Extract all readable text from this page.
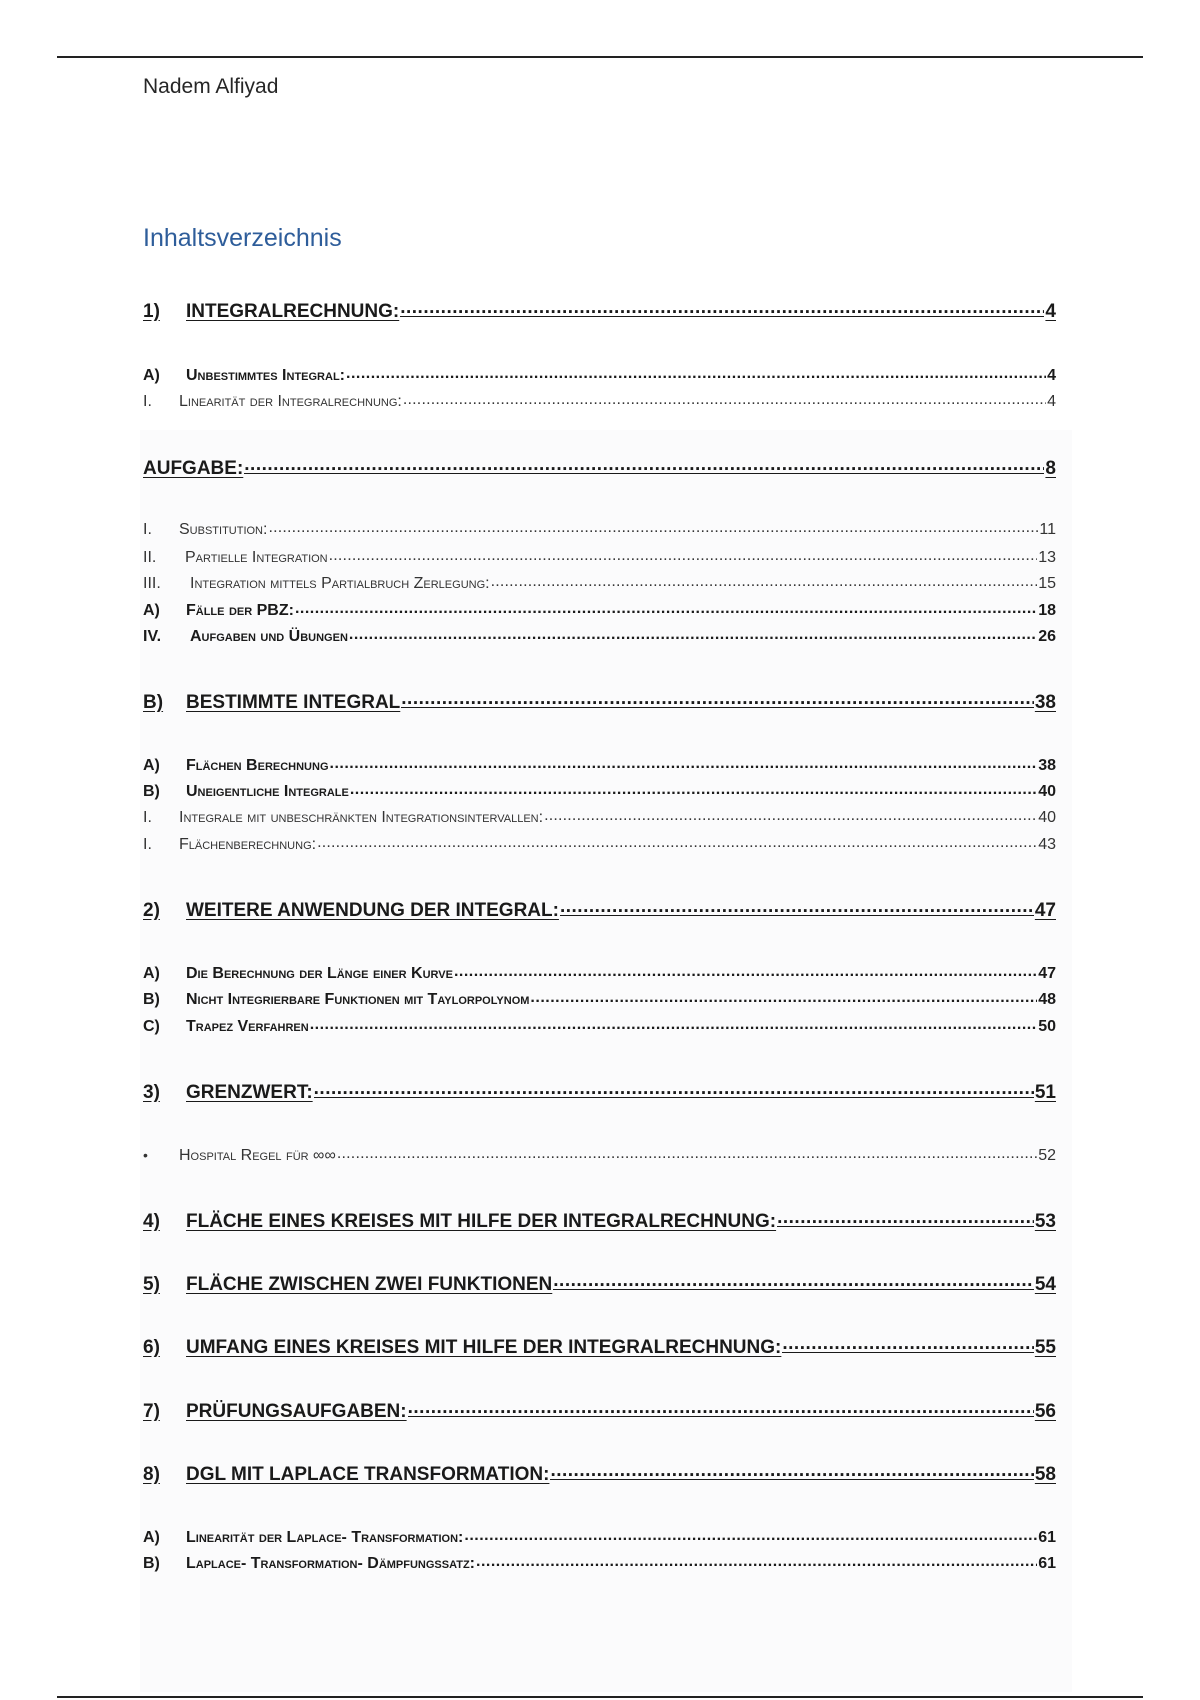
Nadem Alfiyad
Inhaltsverzeichnis
1)	INTEGRALRECHNUNG: .....	4
A)	Unbestimmtes Integral: .....	4
I.	Linearität der Integralrechnung: .....	4
AUFGABE: .....	8
I.	Substitution: .....	11
II.	Partielle Integration .....	13
III.	Integration mittels Partialbruch Zerlegung: .....	15
A)	Fälle der PBZ: .....	18
IV.	Aufgaben und Übungen .....	26
B)	BESTIMMTE INTEGRAL .....	38
A)	Flächen Berechnung .....	38
B)	Uneigentliche Integrale .....	40
I.	Integrale mit unbeschränkten Integrationsintervallen: .....	40
I.	Flächenberechnung: .....	43
2)	WEITERE ANWENDUNG DER INTEGRAL: .....	47
A)	Die Berechnung der Länge einer Kurve .....	47
B)	Nicht Integrierbare Funktionen mit Taylorpolynom .....	48
C)	Trapez Verfahren .....	50
3)	GRENZWERT: .....	51
•	Hospital Regel für ∞∞ .....	52
4)	FLÄCHE EINES KREISES MIT HILFE DER INTEGRALRECHNUNG: .....	53
5)	FLÄCHE ZWISCHEN ZWEI FUNKTIONEN .....	54
6)	UMFANG EINES KREISES MIT HILFE DER INTEGRALRECHNUNG: .....	55
7)	PRÜFUNGSAUFGABEN: .....	56
8)	DGL MIT LAPLACE TRANSFORMATION: .....	58
A)	Linearität der Laplace- Transformation: .....	61
B)	Laplace- Transformation- Dämpfungssatz: .....	61
